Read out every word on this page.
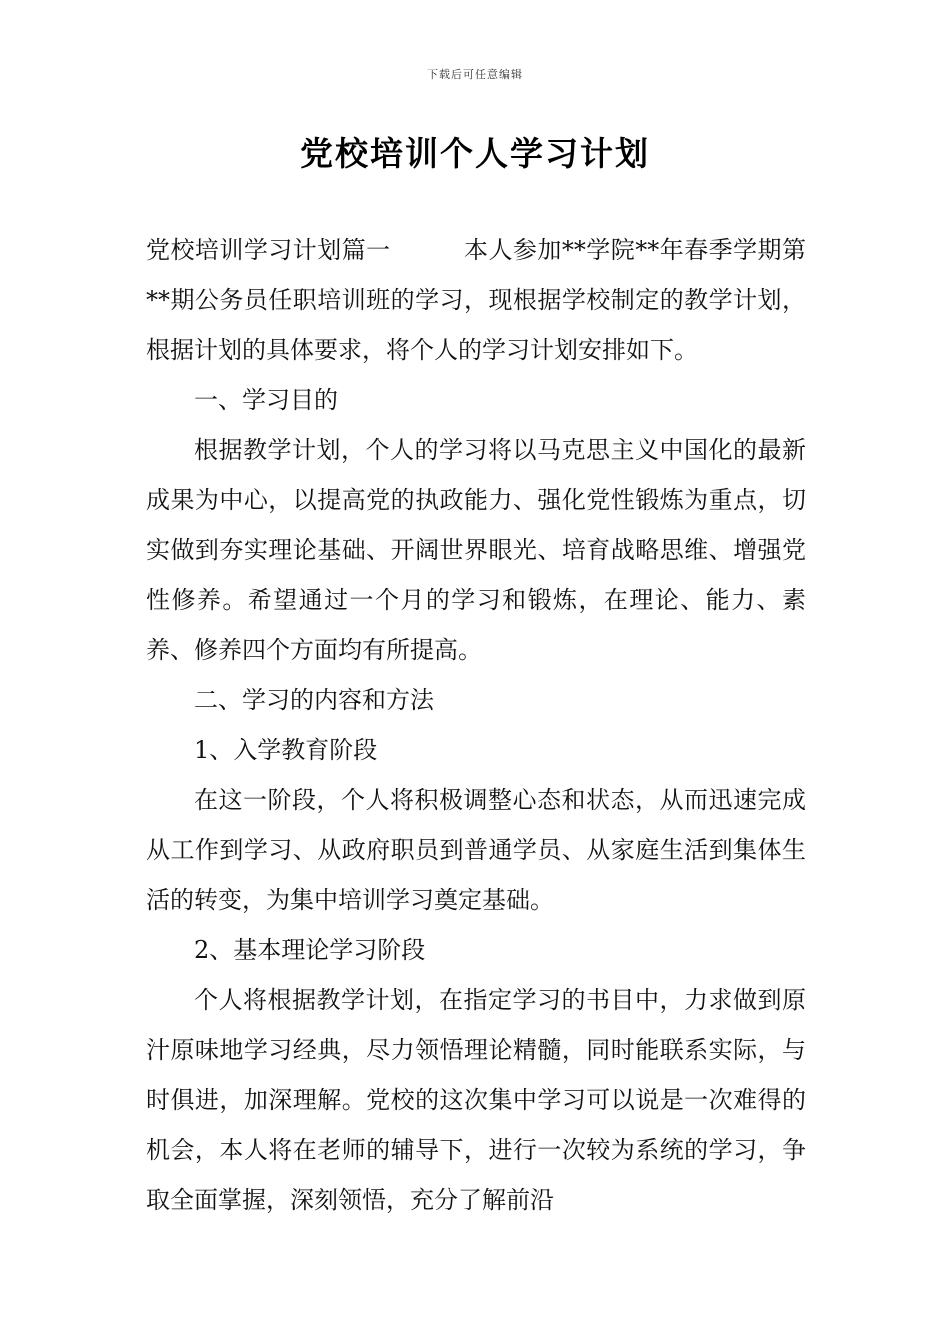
下载后可任意编辑
党校培训个人学习计划

党校培训学习计划篇一　　　本人参加**学院**年春季学期第**期公务员任职培训班的学习，现根据学校制定的教学计划，根据计划的具体要求，将个人的学习计划安排如下。

一、学习目的

根据教学计划，个人的学习将以马克思主义中国化的最新成果为中心，以提高党的执政能力、强化党性锻炼为重点，切实做到夯实理论基础、开阔世界眼光、培育战略思维、增强党性修养。希望通过一个月的学习和锻炼，在理论、能力、素养、修养四个方面均有所提高。

二、学习的内容和方法

1、入学教育阶段

在这一阶段，个人将积极调整心态和状态，从而迅速完成从工作到学习、从政府职员到普通学员、从家庭生活到集体生活的转变，为集中培训学习奠定基础。

2、基本理论学习阶段

个人将根据教学计划，在指定学习的书目中，力求做到原汁原味地学习经典，尽力领悟理论精髓，同时能联系实际，与时俱进，加深理解。党校的这次集中学习可以说是一次难得的机会，本人将在老师的辅导下，进行一次较为系统的学习，争取全面掌握，深刻领悟，充分了解前沿
